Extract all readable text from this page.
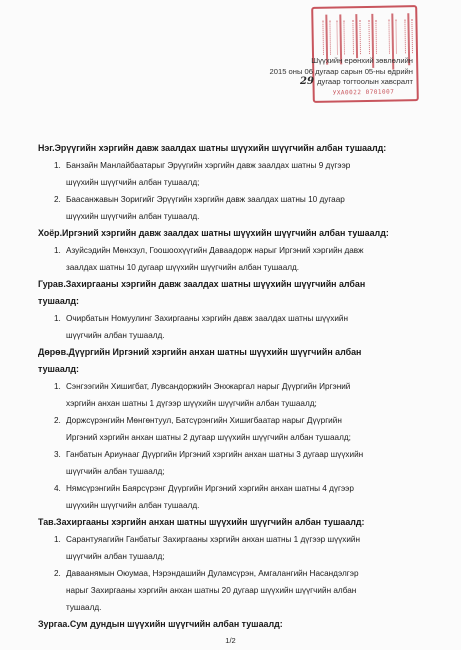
УХА0022 0701007
Шүүхийн ерөнхий зөвлөлийн
2015 оны 06 дугаар сарын 05-ны өдрийн
29 дугаар тогтоолын хавсралт
Нэг.Эрүүгийн хэргийн давж заалдах шатны шүүхийн шүүгчийн албан тушаалд:
1. Банзайн Манлайбаатарыг Эрүүгийн хэргийн давж заалдах шатны 9 дүгээр
шүүхийн шүүгчийн албан тушаалд;
2. Баасанжавын Зоригийг Эрүүгийн хэргийн давж заалдах шатны 10 дугаар
шүүхийн шүүгчийн албан тушаалд.
Хоёр.Иргэний хэргийн давж заалдах шатны шүүхийн шүүгчийн албан тушаалд:
1. Азуйсэдийн Мөнхзул, Гоошоохүүгийн Даваадорж нарыг Иргэний хэргийн давж
заалдах шатны 10 дугаар шүүхийн шүүгчийн албан тушаалд.
Гурав.Захиргааны хэргийн давж заалдах шатны шүүхийн шүүгчийн албан
тушаалд:
1. Очирбатын Номуулинг Захиргааны хэргийн давж заалдах шатны шүүхийн
шүүгчийн албан тушаалд.
Дөрөв.Дүүргийн Иргэний хэргийн анхан шатны шүүхийн шүүгчийн албан
тушаалд:
1. Сэнгээгийн Хишигбат, Лувсандоржийн Энхжаргал нарыг Дүүргийн Иргэний
хэргийн анхан шатны 1 дүгээр шүүхийн шүүгчийн албан тушаалд;
2. Доржсүрэнгийн Мөнгөнтуул, Батсүрэнгийн Хишигбаатар нарыг Дүүргийн
Иргэний хэргийн анхан шатны 2 дугаар шүүхийн шүүгчийн албан тушаалд;
3. Ганбатын Ариунааг Дүүргийн Иргэний хэргийн анхан шатны 3 дугаар шүүхийн
шүүгчийн албан тушаалд;
4. Нямсүрэнгийн Баярсүрэнг Дүүргийн Иргэний хэргийн анхан шатны 4 дүгээр
шүүхийн шүүгчийн албан тушаалд.
Тав.Захиргааны хэргийн анхан шатны шүүхийн шүүгчийн албан тушаалд:
1. Сарантуяагийн Ганбатыг Захиргааны хэргийн анхан шатны 1 дүгээр шүүхийн
шүүгчийн албан тушаалд;
2. Даваанямын Оюумаа, Нэрэндашийн Дуламсүрэн, Амгалангийн Насандэлгэр
нарыг Захиргааны хэргийн анхан шатны 20 дугаар шүүхийн шүүгчийн албан
тушаалд.
Зургаа.Сум дундын шүүхийн шүүгчийн албан тушаалд:
1/2
